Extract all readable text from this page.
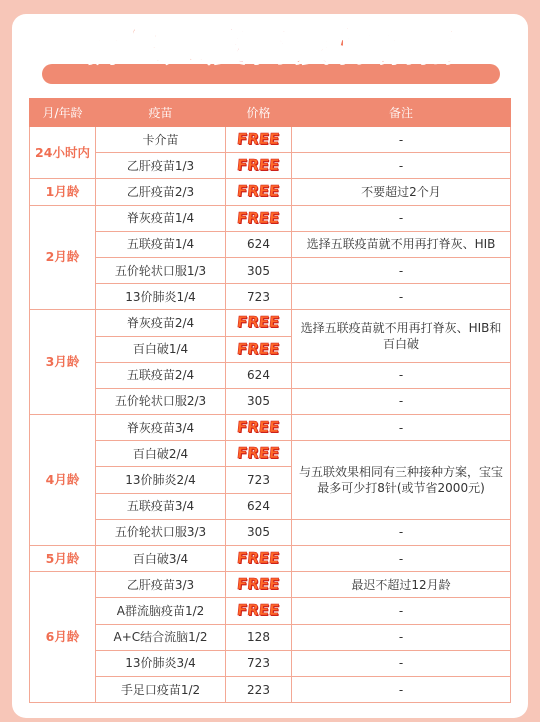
新生儿疫苗接种指南
月/年龄	疫苗	价格	备注
24小时内	卡介苗	FREE	-
	乙肝疫苗1/3	FREE	-
1月龄	乙肝疫苗2/3	FREE	不要超过2个月
2月龄	脊灰疫苗1/4	FREE	-
	五联疫苗1/4	624	选择五联疫苗就不用再打脊灰、HIB
	五价轮状口服1/3	305	-
	13价肺炎1/4	723	-
3月龄	脊灰疫苗2/4	FREE	选择五联疫苗就不用再打脊灰、HIB和百白破
	百白破1/4	FREE	
	五联疫苗2/4	624	-
	五价轮状口服2/3	305	-
4月龄	脊灰疫苗3/4	FREE	-
	百白破2/4	FREE	与五联效果相同有三种接种方案，宝宝最多可少打8针(或节省2000元)
	13价肺炎2/4	723	
	五联疫苗3/4	624	
	五价轮状口服3/3	305	-
5月龄	百白破3/4	FREE	-
6月龄	乙肝疫苗3/3	FREE	最迟不超过12月龄
	A群流脑疫苗1/2	FREE	-
	A+C结合流脑1/2	128	-
	13价肺炎3/4	723	-
	手足口疫苗1/2	223	-
